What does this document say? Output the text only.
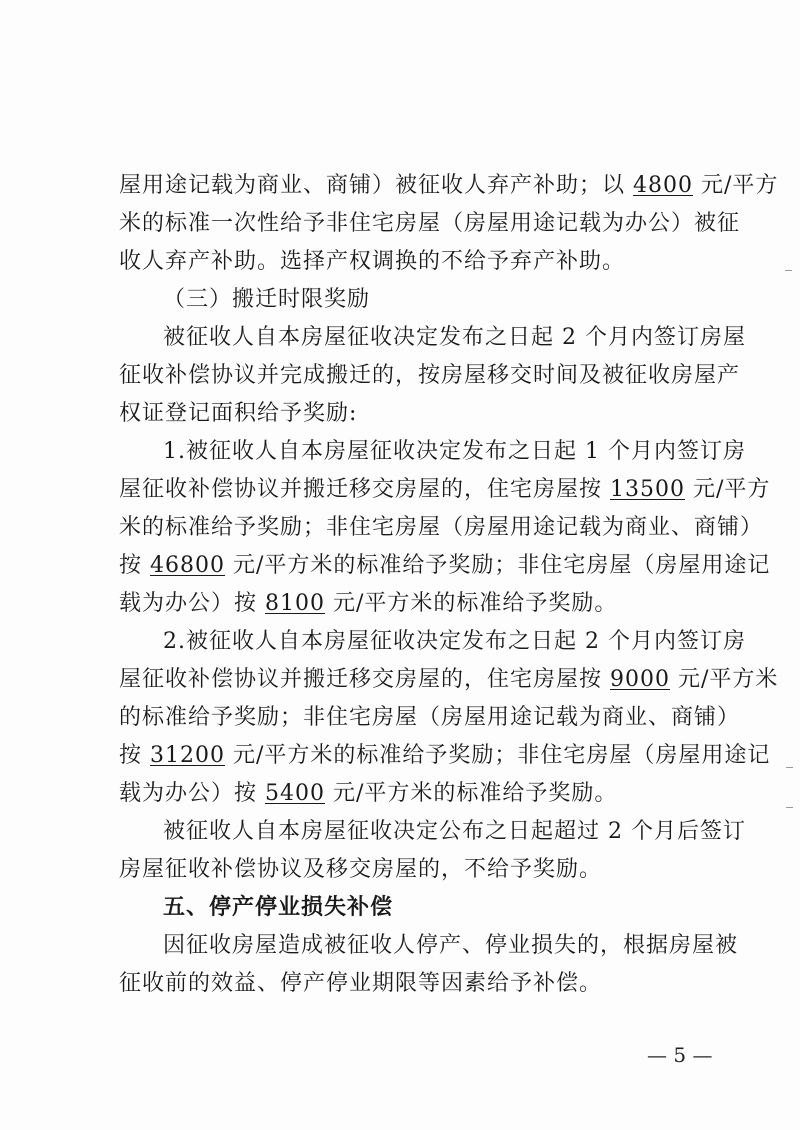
屋用途记载为商业、商铺）被征收人弃产补助；以 4800 元/平方
米的标准一次性给予非住宅房屋（房屋用途记载为办公）被征
收人弃产补助。选择产权调换的不给予弃产补助。
（三）搬迁时限奖励
被征收人自本房屋征收决定发布之日起 2 个月内签订房屋
征收补偿协议并完成搬迁的，按房屋移交时间及被征收房屋产
权证登记面积给予奖励:
1.被征收人自本房屋征收决定发布之日起 1 个月内签订房
屋征收补偿协议并搬迁移交房屋的，住宅房屋按 13500 元/平方
米的标准给予奖励；非住宅房屋（房屋用途记载为商业、商铺）
按 46800 元/平方米的标准给予奖励；非住宅房屋（房屋用途记
载为办公）按 8100 元/平方米的标准给予奖励。
2.被征收人自本房屋征收决定发布之日起 2 个月内签订房
屋征收补偿协议并搬迁移交房屋的，住宅房屋按 9000 元/平方米
的标准给予奖励；非住宅房屋（房屋用途记载为商业、商铺）
按 31200 元/平方米的标准给予奖励；非住宅房屋（房屋用途记
载为办公）按 5400 元/平方米的标准给予奖励。
被征收人自本房屋征收决定公布之日起超过 2 个月后签订
房屋征收补偿协议及移交房屋的，不给予奖励。
五、停产停业损失补偿
因征收房屋造成被征收人停产、停业损失的，根据房屋被
征收前的效益、停产停业期限等因素给予补偿。
— 5 —
